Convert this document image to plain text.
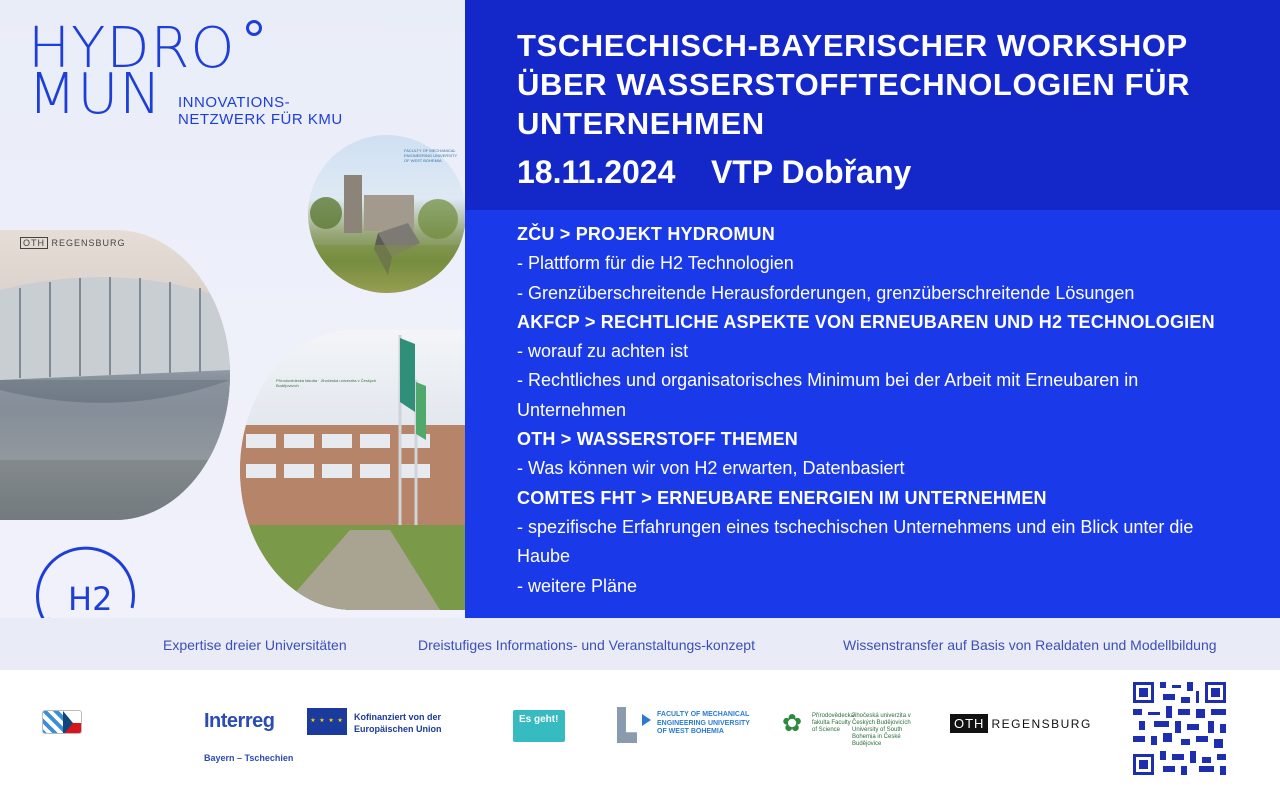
HYDRO
MUN	INNOVATIONS-
NETZWERK FÜR KMU
FACULTY OF MECHANICAL ENGINEERING UNIVERSITY OF WEST BOHEMIA
OTH REGENSBURG
Přírodovědecká fakulta · Jihočeská univerzita v Českých Budějovicích
H2
TSCHECHISCH-BAYERISCHER WORKSHOP ÜBER WASSERSTOFFTECHNOLOGIEN FÜR UNTERNEHMEN
18.11.2024 VTP Dobřany
ZČU > PROJEKT HYDROMUN
- Plattform für die H2 Technologien
- Grenzüberschreitende Herausforderungen, grenzüberschreitende Lösungen
AKFCP > RECHTLICHE ASPEKTE VON ERNEUBAREN UND H2 TECHNOLOGIEN
- worauf zu achten ist
- Rechtliches und organisatorisches Minimum bei der Arbeit mit Erneubaren in Unternehmen
OTH > WASSERSTOFF THEMEN
- Was können wir von H2 erwarten, Datenbasiert
COMTES FHT > ERNEUBARE ENERGIEN IM UNTERNEHMEN
- spezifische Erfahrungen eines tschechischen Unternehmens und ein Blick unter die Haube
- weitere Pläne
Expertise dreier Universitäten	Dreistufiges Informations- und Veranstaltungs-konzept	Wissenstransfer auf Basis von Realdaten und Modellbildung
Interreg
Bayern – Tschechien
★ ★ ★ ★	Kofinanziert von der Europäischen Union
Es geht!	FACULTY OF MECHANICAL ENGINEERING UNIVERSITY OF WEST BOHEMIA	✿ Přírodovědecká fakulta Faculty of Science
Jihočeská univerzita v Českých Budějovicích University of South Bohemia in České Budějovice
OTH REGENSBURG
